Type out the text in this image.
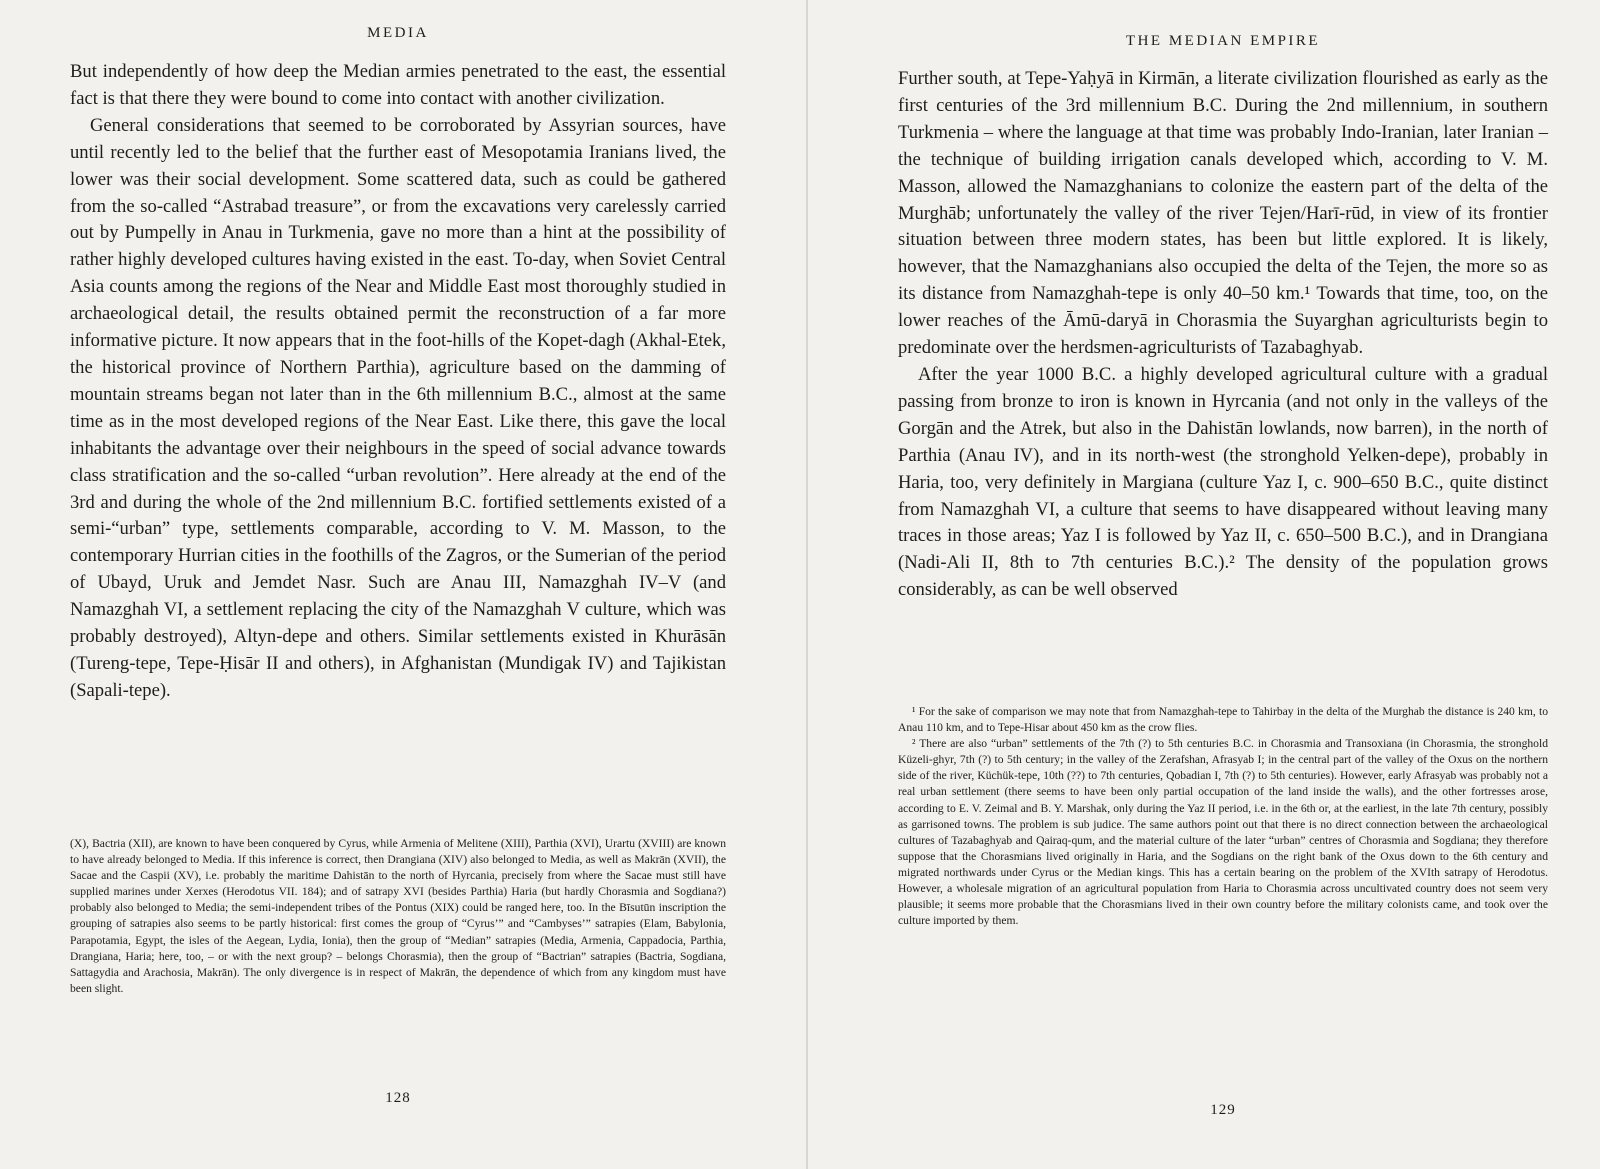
MEDIA

But independently of how deep the Median armies penetrated to the east, the essential fact is that there they were bound to come into contact with another civilization.

General considerations that seemed to be corroborated by Assyrian sources, have until recently led to the belief that the further east of Mesopotamia Iranians lived, the lower was their social development. Some scattered data, such as could be gathered from the so-called “Astrabad treasure”, or from the excavations very carelessly carried out by Pumpelly in Anau in Turkmenia, gave no more than a hint at the possibility of rather highly developed cultures having existed in the east. To-day, when Soviet Central Asia counts among the regions of the Near and Middle East most thoroughly studied in archaeological detail, the results obtained permit the reconstruction of a far more informative picture. It now appears that in the foot-hills of the Kopet-dagh (Akhal-Etek, the historical province of Northern Parthia), agriculture based on the damming of mountain streams began not later than in the 6th millennium B.C., almost at the same time as in the most developed regions of the Near East. Like there, this gave the local inhabitants the advantage over their neighbours in the speed of social advance towards class stratification and the so-called “urban revolution”. Here already at the end of the 3rd and during the whole of the 2nd millennium B.C. fortified settlements existed of a semi-“urban” type, settlements comparable, according to V. M. Masson, to the contemporary Hurrian cities in the foothills of the Zagros, or the Sumerian of the period of Ubayd, Uruk and Jemdet Nasr. Such are Anau III, Namazghah IV–V (and Namazghah VI, a settlement replacing the city of the Namazghah V culture, which was probably destroyed), Altyn-depe and others. Similar settlements existed in Khurāsān (Tureng-tepe, Tepe-Ḥisār II and others), in Afghanistan (Mundigak IV) and Tajikistan (Sapali-tepe).

(X), Bactria (XII), are known to have been conquered by Cyrus, while Armenia of Melitene (XIII), Parthia (XVI), Urartu (XVIII) are known to have already belonged to Media. If this inference is correct, then Drangiana (XIV) also belonged to Media, as well as Makrān (XVII), the Sacae and the Caspii (XV), i.e. probably the maritime Dahistān to the north of Hyrcania, precisely from where the Sacae must still have supplied marines under Xerxes (Herodotus VII. 184); and of satrapy XVI (besides Parthia) Haria (but hardly Chorasmia and Sogdiana?) probably also belonged to Media; the semi-independent tribes of the Pontus (XIX) could be ranged here, too. In the Bīsutūn inscription the grouping of satrapies also seems to be partly historical: first comes the group of “Cyrus’” and “Cambyses’” satrapies (Elam, Babylonia, Parapotamia, Egypt, the isles of the Aegean, Lydia, Ionia), then the group of “Median” satrapies (Media, Armenia, Cappadocia, Parthia, Drangiana, Haria; here, too, – or with the next group? – belongs Chorasmia), then the group of “Bactrian” satrapies (Bactria, Sogdiana, Sattagydia and Arachosia, Makrān). The only divergence is in respect of Makrān, the dependence of which from any kingdom must have been slight.

128
THE MEDIAN EMPIRE

Further south, at Tepe-Yaḥyā in Kirmān, a literate civilization flourished as early as the first centuries of the 3rd millennium B.C. During the 2nd millennium, in southern Turkmenia – where the language at that time was probably Indo-Iranian, later Iranian – the technique of building irrigation canals developed which, according to V. M. Masson, allowed the Namazghanians to colonize the eastern part of the delta of the Murghāb; unfortunately the valley of the river Tejen/Harī-rūd, in view of its frontier situation between three modern states, has been but little explored. It is likely, however, that the Namazghanians also occupied the delta of the Tejen, the more so as its distance from Namazghah-tepe is only 40–50 km.¹ Towards that time, too, on the lower reaches of the Āmū-daryā in Chorasmia the Suyarghan agriculturists begin to predominate over the herdsmen-agriculturists of Tazabaghyab.

After the year 1000 B.C. a highly developed agricultural culture with a gradual passing from bronze to iron is known in Hyrcania (and not only in the valleys of the Gorgān and the Atrek, but also in the Dahistān lowlands, now barren), in the north of Parthia (Anau IV), and in its north-west (the stronghold Yelken-depe), probably in Haria, too, very definitely in Margiana (culture Yaz I, c. 900–650 B.C., quite distinct from Namazghah VI, a culture that seems to have disappeared without leaving many traces in those areas; Yaz I is followed by Yaz II, c. 650–500 B.C.), and in Drangiana (Nadi-Ali II, 8th to 7th centuries B.C.).² The density of the population grows considerably, as can be well observed

¹ For the sake of comparison we may note that from Namazghah-tepe to Tahirbay in the delta of the Murghab the distance is 240 km, to Anau 110 km, and to Tepe-Hisar about 450 km as the crow flies.

² There are also “urban” settlements of the 7th (?) to 5th centuries B.C. in Chorasmia and Transoxiana (in Chorasmia, the stronghold Küzeli-ghyr, 7th (?) to 5th century; in the valley of the Zerafshan, Afrasyab I; in the central part of the valley of the Oxus on the northern side of the river, Küchük-tepe, 10th (??) to 7th centuries, Qobadian I, 7th (?) to 5th centuries). However, early Afrasyab was probably not a real urban settlement (there seems to have been only partial occupation of the land inside the walls), and the other fortresses arose, according to E. V. Zeimal and B. Y. Marshak, only during the Yaz II period, i.e. in the 6th or, at the earliest, in the late 7th century, possibly as garrisoned towns. The problem is sub judice. The same authors point out that there is no direct connection between the archaeological cultures of Tazabaghyab and Qairaq-qum, and the material culture of the later “urban” centres of Chorasmia and Sogdiana; they therefore suppose that the Chorasmians lived originally in Haria, and the Sogdians on the right bank of the Oxus down to the 6th century and migrated northwards under Cyrus or the Median kings. This has a certain bearing on the problem of the XVIth satrapy of Herodotus. However, a wholesale migration of an agricultural population from Haria to Chorasmia across uncultivated country does not seem very plausible; it seems more probable that the Chorasmians lived in their own country before the military colonists came, and took over the culture imported by them.

129
